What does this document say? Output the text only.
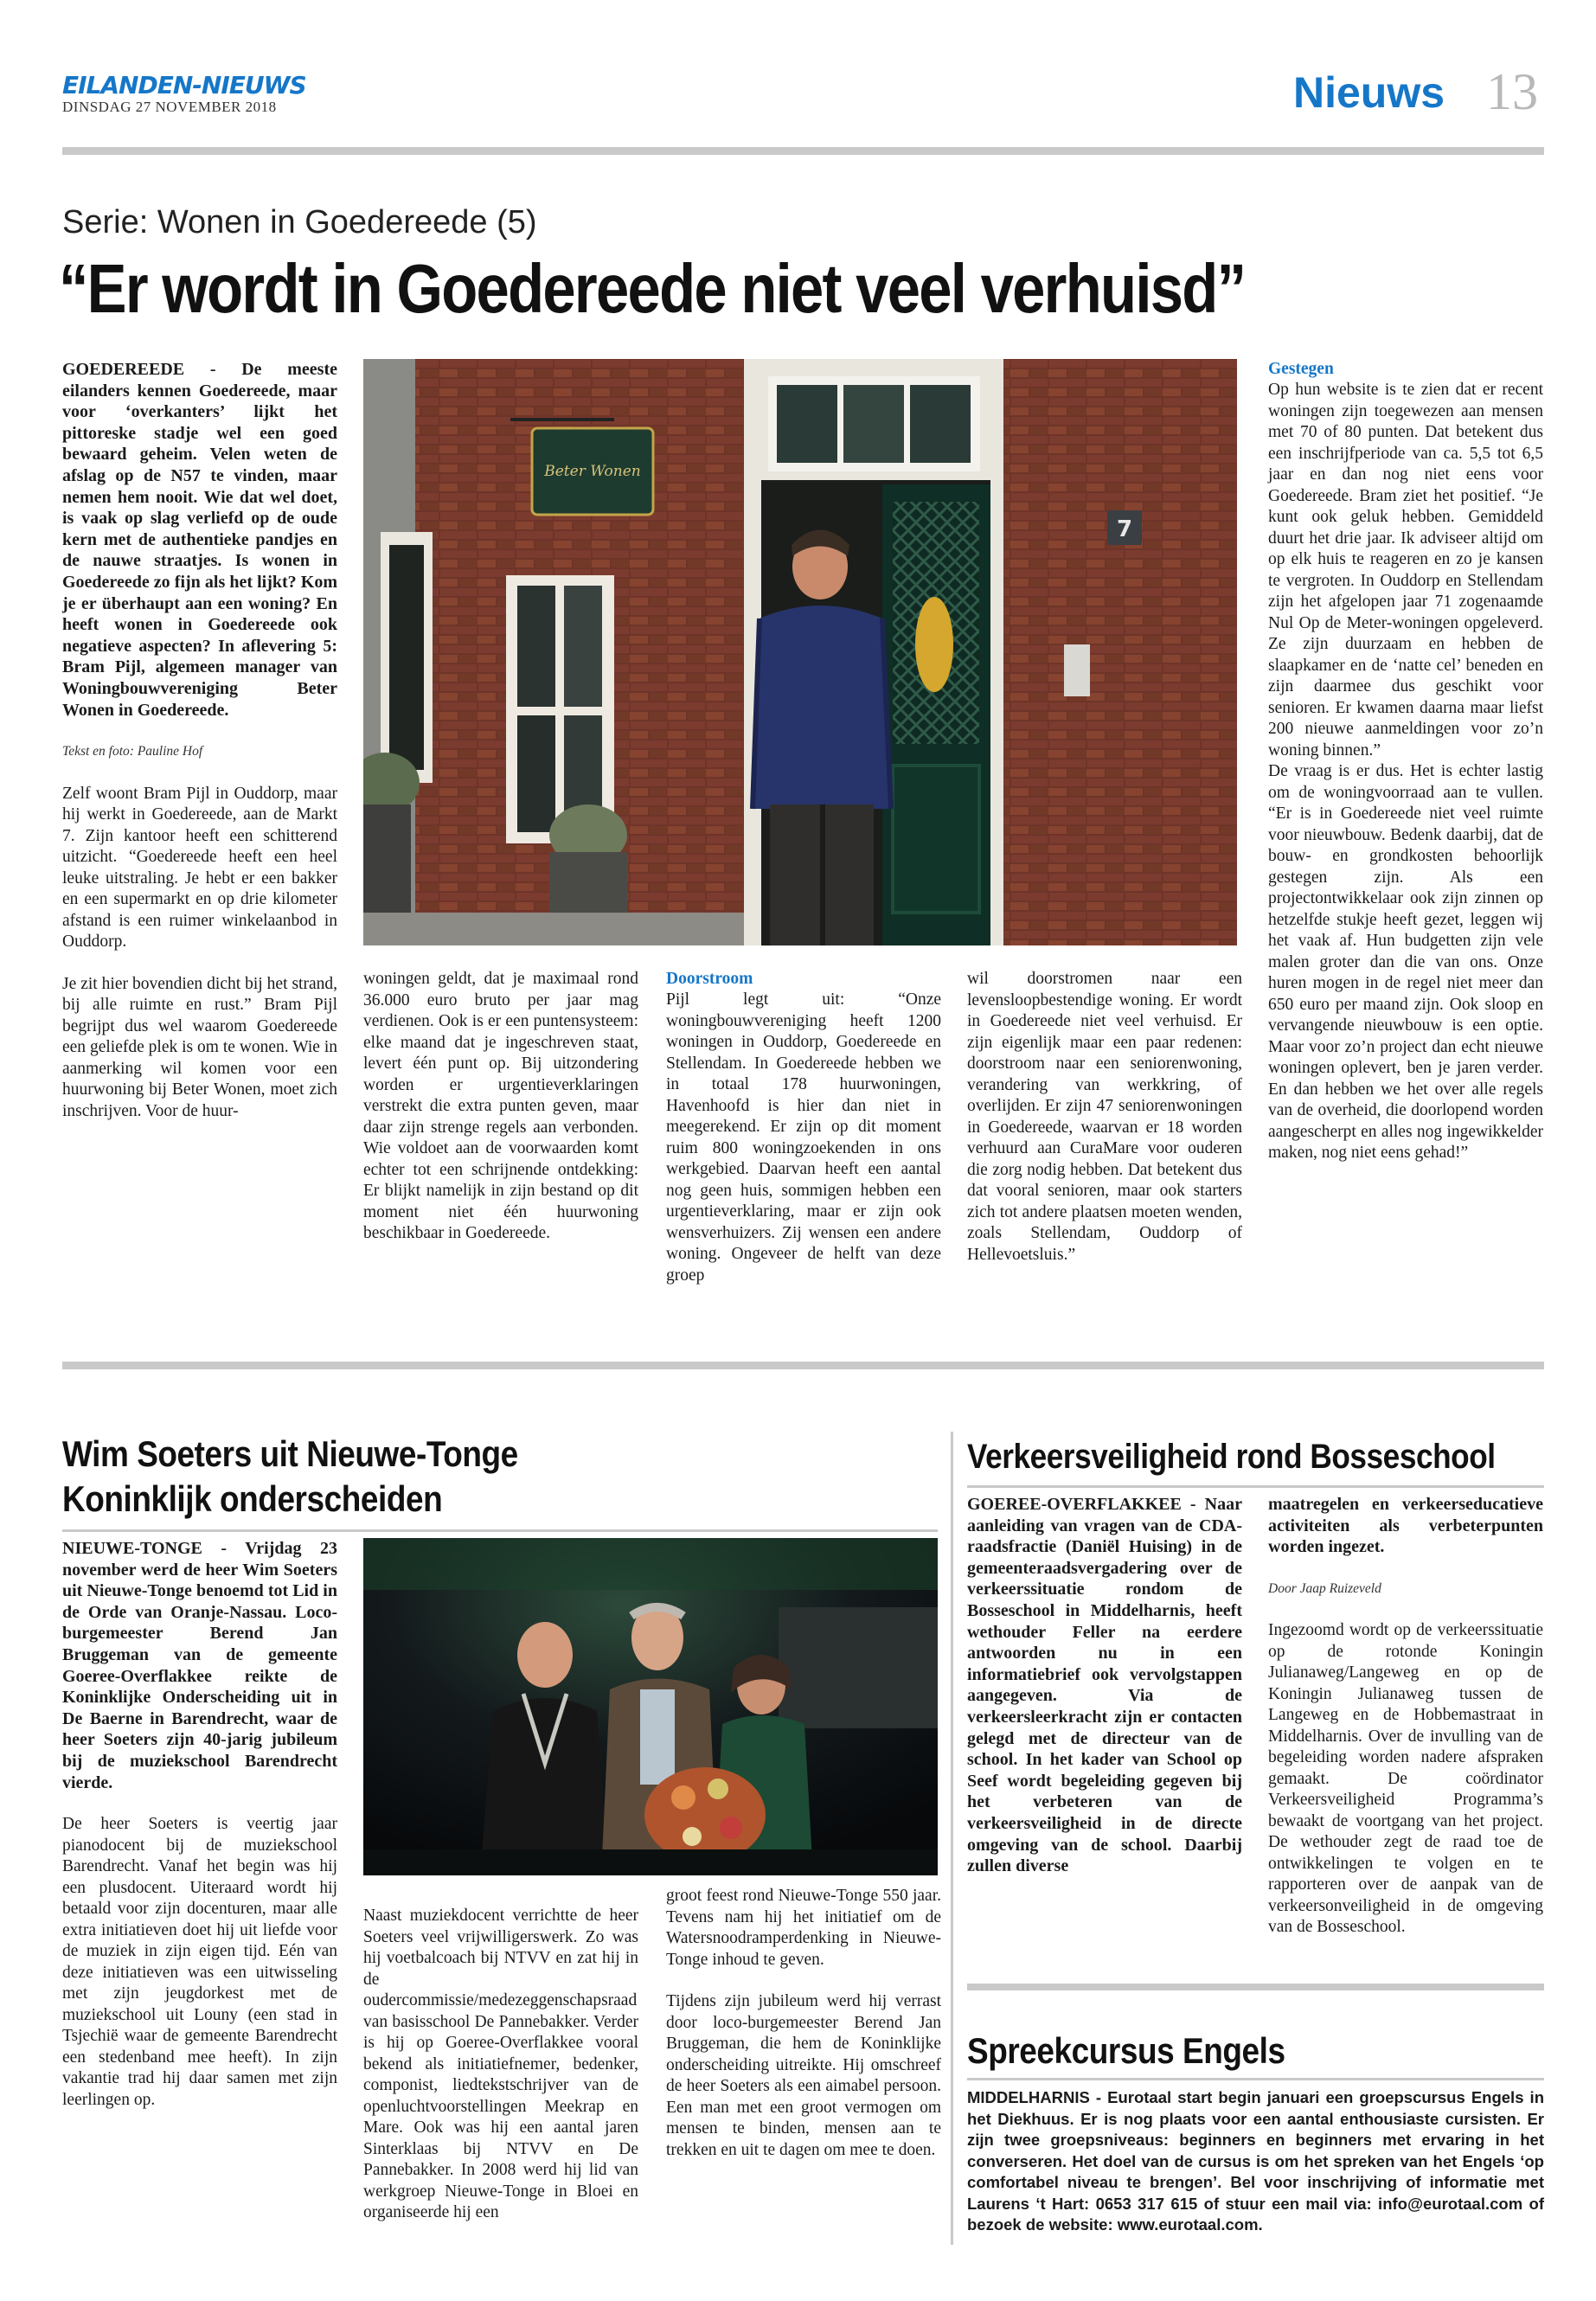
EILANDEN-NIEUWS
DINSDAG 27 NOVEMBER 2018	Nieuws 13
Serie: Wonen in Goedereede (5)
“Er wordt in Goedereede niet veel verhuisd”

GOEDEREEDE - De meeste eilanders kennen Goedereede, maar voor ‘overkanters’ lijkt het pittoreske stadje wel een goed bewaard geheim. Velen weten de afslag op de N57 te vinden, maar nemen hem nooit. Wie dat wel doet, is vaak op slag verliefd op de oude kern met de authentieke pandjes en de nauwe straatjes. Is wonen in Goedereede zo fijn als het lijkt? Kom je er überhaupt aan een woning? En heeft wonen in Goedereede ook negatieve aspecten? In aflevering 5: Bram Pijl, algemeen manager van Woningbouwvereniging Beter Wonen in Goedereede.

Tekst en foto: Pauline Hof

Zelf woont Bram Pijl in Ouddorp, maar hij werkt in Goedereede, aan de Markt 7. Zijn kantoor heeft een schitterend uitzicht. “Goedereede heeft een heel leuke uitstraling. Je hebt er een bakker en een supermarkt en op drie kilometer afstand is een ruimer winkelaanbod in Ouddorp.

Je zit hier bovendien dicht bij het strand, bij alle ruimte en rust.” Bram Pijl begrijpt dus wel waarom Goedereede een geliefde plek is om te wonen. Wie in aanmerking wil komen voor een huurwoning bij Beter Wonen, moet zich inschrijven. Voor de huur-

Beter Wonen
7

woningen geldt, dat je maximaal rond 36.000 euro bruto per jaar mag verdienen. Ook is er een puntensysteem: elke maand dat je ingeschreven staat, levert één punt op. Bij uitzondering worden er urgentieverklaringen verstrekt die extra punten geven, maar daar zijn strenge regels aan verbonden. Wie voldoet aan de voorwaarden komt echter tot een schrijnende ontdekking: Er blijkt namelijk in zijn bestand op dit moment niet één huurwoning beschikbaar in Goedereede.

Doorstroom

Pijl legt uit: “Onze woningbouwvereniging heeft 1200 woningen in Ouddorp, Goedereede en Stellendam. In Goedereede hebben we in totaal 178 huurwoningen, Havenhoofd is hier dan niet in meegerekend. Er zijn op dit moment ruim 800 woningzoekenden in ons werkgebied. Daarvan heeft een aantal nog geen huis, sommigen hebben een urgentieverklaring, maar er zijn ook wensverhuizers. Zij wensen een andere woning. Ongeveer de helft van deze groep

wil doorstromen naar een levensloopbestendige woning. Er wordt in Goedereede niet veel verhuisd. Er zijn eigenlijk maar een paar redenen: doorstroom naar een seniorenwoning, verandering van werkkring, of overlijden. Er zijn 47 seniorenwoningen in Goedereede, waarvan er 18 worden verhuurd aan CuraMare voor ouderen die zorg nodig hebben. Dat betekent dus dat vooral senioren, maar ook starters zich tot andere plaatsen moeten wenden, zoals Stellendam, Ouddorp of Hellevoetsluis.”

Gestegen

Op hun website is te zien dat er recent woningen zijn toegewezen aan mensen met 70 of 80 punten. Dat betekent dus een inschrijfperiode van ca. 5,5 tot 6,5 jaar en dan nog niet eens voor Goedereede. Bram ziet het positief. “Je kunt ook geluk hebben. Gemiddeld duurt het drie jaar. Ik adviseer altijd om op elk huis te reageren en zo je kansen te vergroten. In Ouddorp en Stellendam zijn het afgelopen jaar 71 zogenaamde Nul Op de Meter-woningen opgeleverd. Ze zijn duurzaam en hebben de slaapkamer en de ‘natte cel’ beneden en zijn daarmee dus geschikt voor senioren. Er kwamen daarna maar liefst 200 nieuwe aanmeldingen voor zo’n woning binnen.”

De vraag is er dus. Het is echter lastig om de woningvoorraad aan te vullen. “Er is in Goedereede niet veel ruimte voor nieuwbouw. Bedenk daarbij, dat de bouw- en grondkosten behoorlijk gestegen zijn. Als een projectontwikkelaar ook zijn zinnen op hetzelfde stukje heeft gezet, leggen wij het vaak af. Hun budgetten zijn vele malen groter dan die van ons. Onze huren mogen in de regel niet meer dan 650 euro per maand zijn. Ook sloop en vervangende nieuwbouw is een optie. Maar voor zo’n project dan echt nieuwe woningen oplevert, ben je jaren verder. En dan hebben we het over alle regels van de overheid, die doorlopend worden aangescherpt en alles nog ingewikkelder maken, nog niet eens gehad!”

Wim Soeters uit Nieuwe-Tonge
Koninklijk onderscheiden

NIEUWE-TONGE - Vrijdag 23 november werd de heer Wim Soeters uit Nieuwe-Tonge benoemd tot Lid in de Orde van Oranje-Nassau. Loco-burgemeester Berend Jan Bruggeman van de gemeente Goeree-Overflakkee reikte de Koninklijke Onderscheiding uit in De Baerne in Barendrecht, waar de heer Soeters zijn 40-jarig jubileum bij de muziekschool Barendrecht vierde.

De heer Soeters is veertig jaar pianodocent bij de muziekschool Barendrecht. Vanaf het begin was hij een plusdocent. Uiteraard wordt hij betaald voor zijn docenturen, maar alle extra initiatieven doet hij uit liefde voor de muziek in zijn eigen tijd. Eén van deze initiatieven was een uitwisseling met zijn jeugdorkest met de muziekschool uit Louny (een stad in Tsjechië waar de gemeente Barendrecht een stedenband mee heeft). In zijn vakantie trad hij daar samen met zijn leerlingen op.

Naast muziekdocent verrichtte de heer Soeters veel vrijwilligerswerk. Zo was hij voetbalcoach bij NTVV en zat hij in de oudercommissie/medezeggenschapsraad van basisschool De Pannebakker. Verder is hij op Goeree-Overflakkee vooral bekend als initiatiefnemer, bedenker, componist, liedtekstschrijver van de openluchtvoorstellingen Meekrap en Mare. Ook was hij een aantal jaren Sinterklaas bij NTVV en De Pannebakker. In 2008 werd hij lid van werkgroep Nieuwe-Tonge in Bloei en organiseerde hij een

groot feest rond Nieuwe-Tonge 550 jaar. Tevens nam hij het initiatief om de Watersnoodramperdenking in Nieuwe-Tonge inhoud te geven.

Tijdens zijn jubileum werd hij verrast door loco-burgemeester Berend Jan Bruggeman, die hem de Koninklijke onderscheiding uitreikte. Hij omschreef de heer Soeters als een aimabel persoon. Een man met een groot vermogen om mensen te binden, mensen aan te trekken en uit te dagen om mee te doen.

Verkeersveiligheid rond Bosseschool

GOEREE-OVERFLAKKEE - Naar aanleiding van vragen van de CDA-raadsfractie (Daniël Huising) in de gemeenteraadsvergadering over de verkeerssituatie rondom de Bosseschool in Middelharnis, heeft wethouder Feller na eerdere antwoorden nu in een informatiebrief ook vervolgstappen aangegeven. Via de verkeersleerkracht zijn er contacten gelegd met de directeur van de school. In het kader van School op Seef wordt begeleiding gegeven bij het verbeteren van de verkeersveiligheid in de directe omgeving van de school. Daarbij zullen diverse

maatregelen en verkeerseducatieve activiteiten als verbeterpunten worden ingezet.

Door Jaap Ruizeveld

Ingezoomd wordt op de verkeerssituatie op de rotonde Koningin Julianaweg/Langeweg en op de Koningin Julianaweg tussen de Langeweg en de Hobbemastraat in Middelharnis. Over de invulling van de begeleiding worden nadere afspraken gemaakt. De coördinator Verkeersveiligheid Programma’s bewaakt de voortgang van het project. De wethouder zegt de raad toe de ontwikkelingen te volgen en te rapporteren over de aanpak van de verkeersonveiligheid in de omgeving van de Bosseschool.

Spreekcursus Engels
MIDDELHARNIS - Eurotaal start begin januari een groepscursus Engels in het Diekhuus. Er is nog plaats voor een aantal enthousiaste cursisten. Er zijn twee groepsniveaus: beginners en beginners met ervaring in het converseren. Het doel van de cursus is om het spreken van het Engels ‘op comfortabel niveau te brengen’. Bel voor inschrijving of informatie met Laurens ‘t Hart: 0653 317 615 of stuur een mail via: info@eurotaal.com of bezoek de website: www.eurotaal.com.
